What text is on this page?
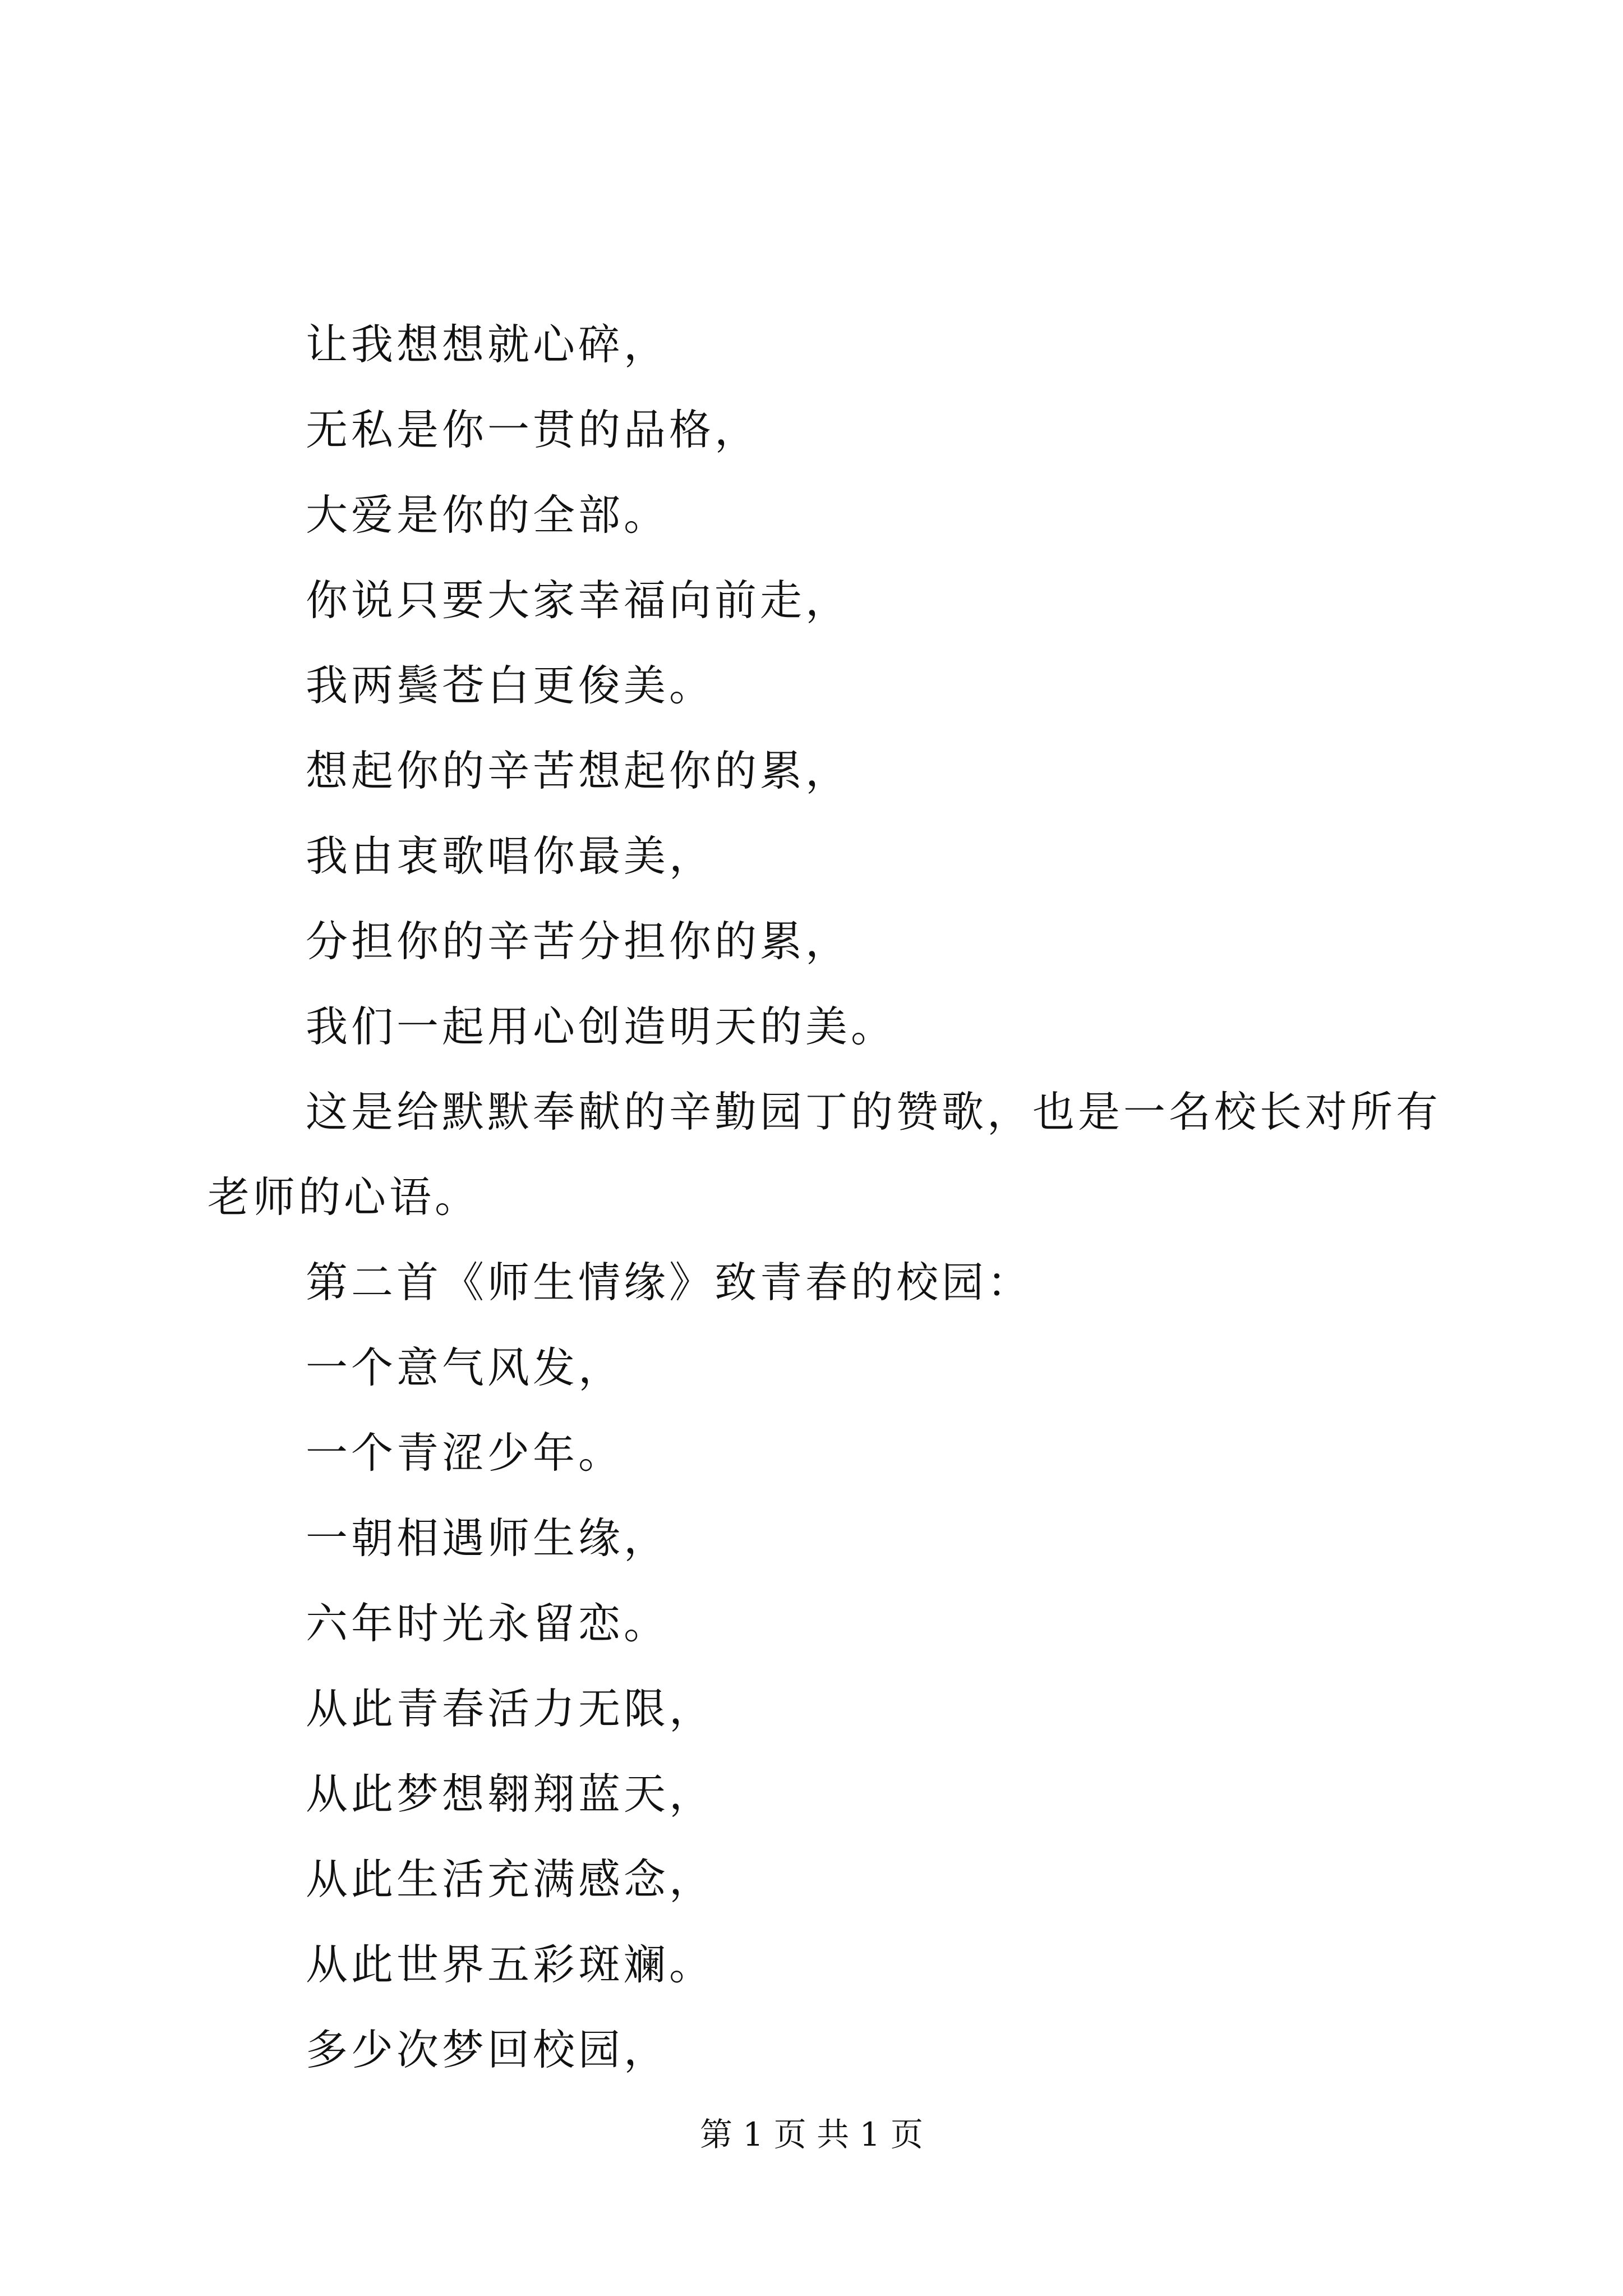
让我想想就心碎，
无私是你一贯的品格，
大爱是你的全部。
你说只要大家幸福向前走，
我两鬓苍白更俊美。
想起你的辛苦想起你的累，
我由衷歌唱你最美，
分担你的辛苦分担你的累，
我们一起用心创造明天的美。
这是给默默奉献的辛勤园丁的赞歌，也是一名校长对所有老师的心语。
第二首《师生情缘》致青春的校园：
一个意气风发，
一个青涩少年。
一朝相遇师生缘，
六年时光永留恋。
从此青春活力无限，
从此梦想翱翔蓝天，
从此生活充满感念，
从此世界五彩斑斓。
多少次梦回校园，
第 1 页 共 1 页
